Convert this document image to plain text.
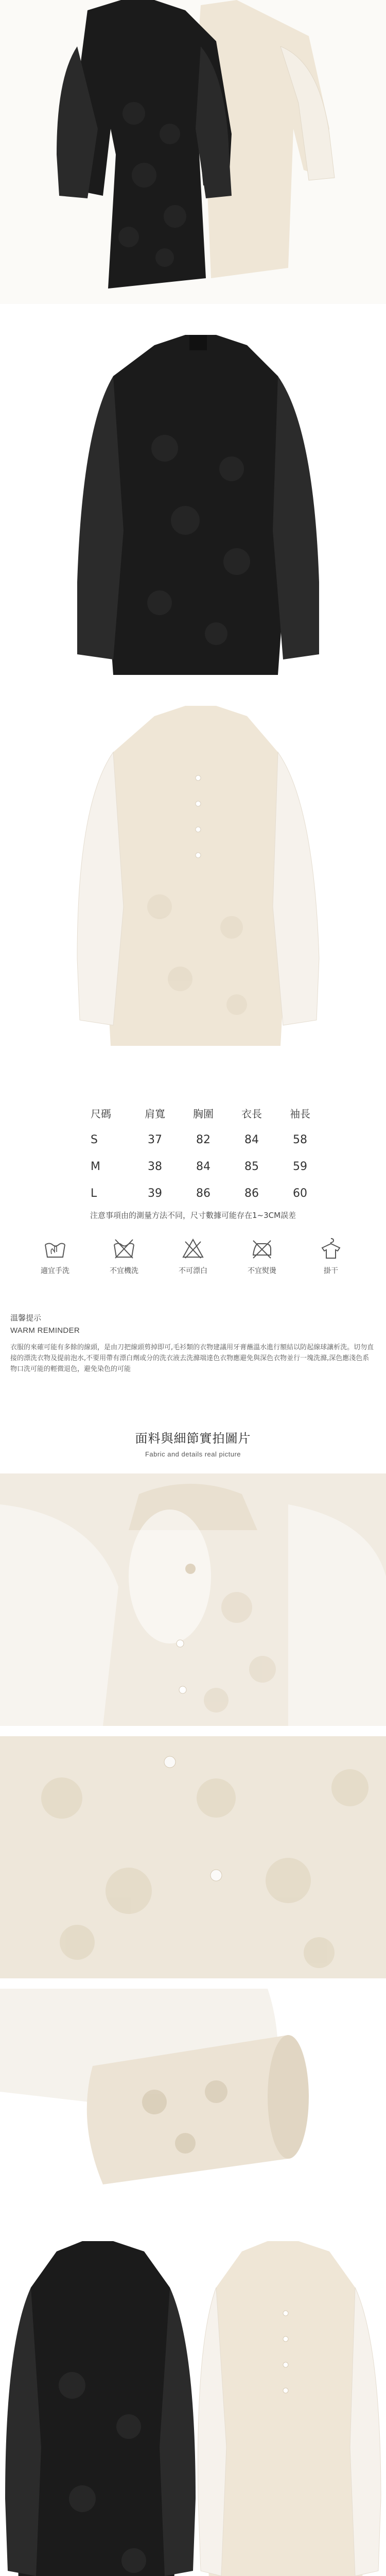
尺碼	肩寬	胸圍	衣長	袖長
S	37	82	84	58
M	38	84	85	59
L	39	86	86	60
注意事項由的測量方法不同，尺寸數據可能存在1~3CM誤差
適宜手洗	不宜機洗	不可漂白	不宜熨燙	掛干
溫馨提示
WARM REMINDER
衣服的來確可能有多餘的線頭，是由刀把線頭剪掉即可,毛衫類的衣物建議用牙膏蘸溫水進行額結以防起線球讓析洗。切勿直接的漂洗衣物及提前泡水,不要用帶有漂白劑或分的洗衣液去洗滌端達色衣物應避免與深色衣物並行一塊洗滌,深色應淺色系物口洗可能的輕微退色，避免染色的可能
面料與細節實拍圖片
Fabric and details real picture
